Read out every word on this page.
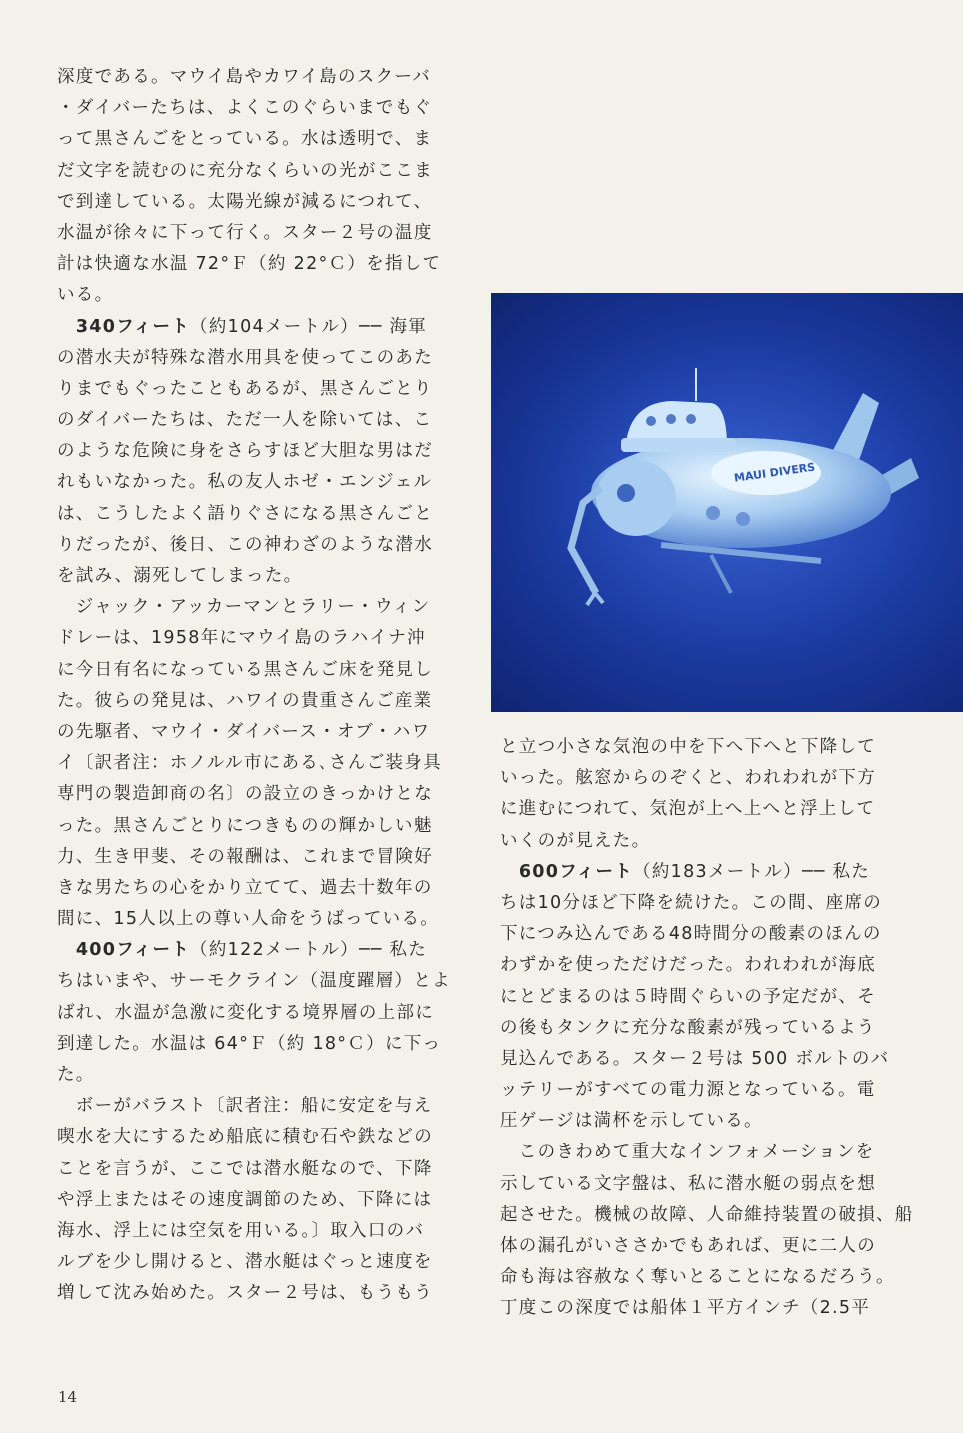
深度である。マウイ島やカワイ島のスクーバ
・ダイバーたちは、よくこのぐらいまでもぐ
って黒さんごをとっている。水は透明で、ま
だ文字を読むのに充分なくらいの光がここま
で到達している。太陽光線が減るにつれて、
水温が徐々に下って行く。スター２号の温度
計は快適な水温 72°Ｆ（約 22°Ｃ）を指して
いる。
　340フィート（約104メートル）── 海軍
の潜水夫が特殊な潜水用具を使ってこのあた
りまでもぐったこともあるが、黒さんごとり
のダイバーたちは、ただ一人を除いては、こ
のような危険に身をさらすほど大胆な男はだ
れもいなかった。私の友人ホゼ・エンジェル
は、こうしたよく語りぐさになる黒さんごと
りだったが、後日、この神わざのような潜水
を試み、溺死してしまった。
　ジャック・アッカーマンとラリー・ウィン
ドレーは、1958年にマウイ島のラハイナ沖
に今日有名になっている黒さんご床を発見し
た。彼らの発見は、ハワイの貴重さんご産業
の先駆者、マウイ・ダイバース・オブ・ハワ
イ〔訳者注：ホノルル市にある､さんご装身具
専門の製造卸商の名〕の設立のきっかけとな
った。黒さんごとりにつきものの輝かしい魅
力、生き甲斐、その報酬は、これまで冒険好
きな男たちの心をかり立てて、過去十数年の
間に、15人以上の尊い人命をうばっている。
　400フィート（約122メートル）── 私た
ちはいまや、サーモクライン（温度躍層）とよ
ばれ、水温が急激に変化する境界層の上部に
到達した。水温は 64°Ｆ（約 18°Ｃ）に下っ
た。
　ボーがバラスト〔訳者注：船に安定を与え
喫水を大にするため船底に積む石や鉄などの
ことを言うが、ここでは潜水艇なので、下降
や浮上またはその速度調節のため、下降には
海水、浮上には空気を用いる。〕取入口のバ
ルブを少し開けると、潜水艇はぐっと速度を
増して沈み始めた。スター２号は、もうもう
MAUI DIVERS
と立つ小さな気泡の中を下へ下へと下降して
いった。舷窓からのぞくと、われわれが下方
に進むにつれて、気泡が上へ上へと浮上して
いくのが見えた。
　600フィート（約183メートル）── 私た
ちは10分ほど下降を続けた。この間、座席の
下につみ込んである48時間分の酸素のほんの
わずかを使っただけだった。われわれが海底
にとどまるのは５時間ぐらいの予定だが、そ
の後もタンクに充分な酸素が残っているよう
見込んである。スター２号は 500 ボルトのバ
ッテリーがすべての電力源となっている。電
圧ゲージは満杯を示している。
　このきわめて重大なインフォメーションを
示している文字盤は、私に潜水艇の弱点を想
起させた。機械の故障、人命維持装置の破損、船
体の漏孔がいささかでもあれば、更に二人の
命も海は容赦なく奪いとることになるだろう。
丁度この深度では船体１平方インチ（2.5平
14
